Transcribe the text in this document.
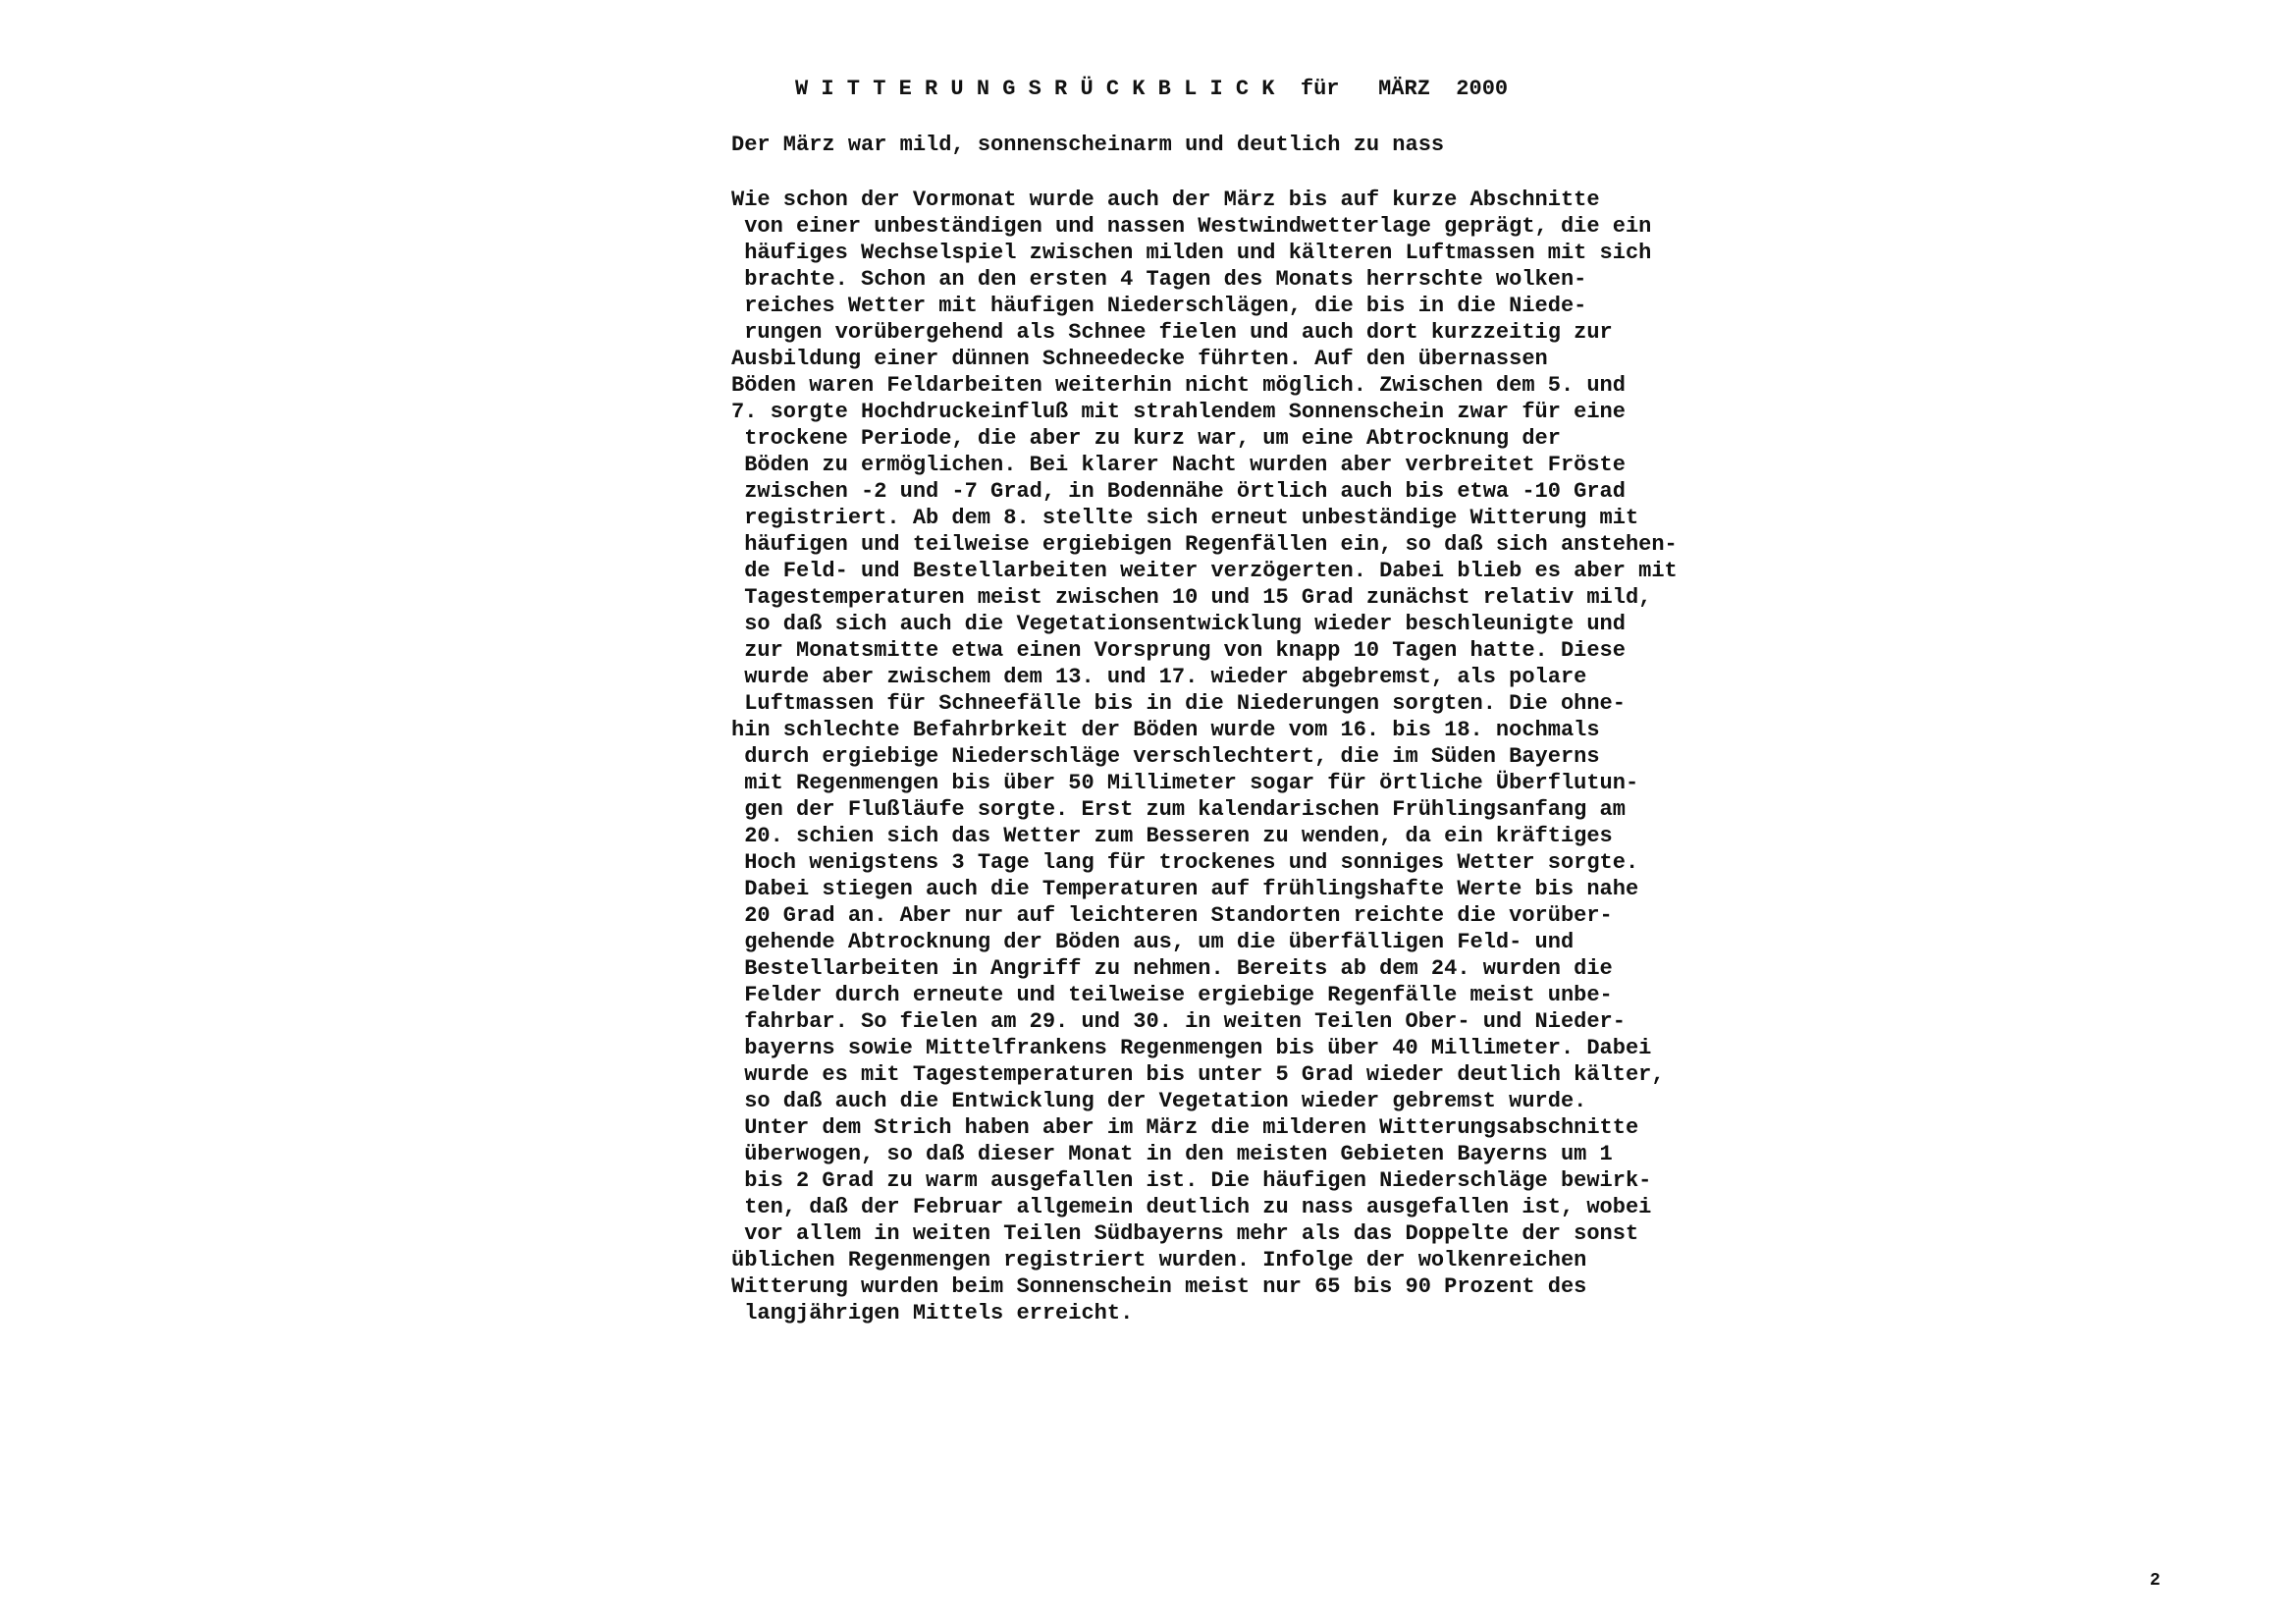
W I T T E R U N G S R Ü C K B L I C K  für   MÄRZ  2000
Der März war mild, sonnenscheinarm und deutlich zu nass
Wie schon der Vormonat wurde auch der März bis auf kurze Abschnitte
von einer unbeständigen und nassen Westwindwetterlage geprägt, die ein
häufiges Wechselspiel zwischen milden und kälteren Luftmassen mit sich
brachte. Schon an den ersten 4 Tagen des Monats herrschte wolken-
reiches Wetter mit häufigen Niederschlägen, die bis in die Niede-
rungen vorübergehend als Schnee fielen und auch dort kurzzeitig zur
Ausbildung einer dünnen Schneedecke führten. Auf den übernassen
Böden waren Feldarbeiten weiterhin nicht möglich. Zwischen dem 5. und
7. sorgte Hochdruckeinfluß mit strahlendem Sonnenschein zwar für eine
trockene Periode, die aber zu kurz war, um eine Abtrocknung der
Böden zu ermöglichen. Bei klarer Nacht wurden aber verbreitet Fröste
zwischen -2 und -7 Grad, in Bodennähe örtlich auch bis etwa -10 Grad
registriert. Ab dem 8. stellte sich erneut unbeständige Witterung mit
häufigen und teilweise ergiebigen Regenfällen ein, so daß sich anstehen-
de Feld- und Bestellarbeiten weiter verzögerten. Dabei blieb es aber mit
Tagestemperaturen meist zwischen 10 und 15 Grad zunächst relativ mild,
so daß sich auch die Vegetationsentwicklung wieder beschleunigte und
zur Monatsmitte etwa einen Vorsprung von knapp 10 Tagen hatte. Diese
wurde aber zwischem dem 13. und 17. wieder abgebremst, als polare
Luftmassen für Schneefälle bis in die Niederungen sorgten. Die ohne-
hin schlechte Befahrbrkeit der Böden wurde vom 16. bis 18. nochmals
durch ergiebige Niederschläge verschlechtert, die im Süden Bayerns
mit Regenmengen bis über 50 Millimeter sogar für örtliche Überflutun-
gen der Flußläufe sorgte. Erst zum kalendarischen Frühlingsanfang am
20. schien sich das Wetter zum Besseren zu wenden, da ein kräftiges
Hoch wenigstens 3 Tage lang für trockenes und sonniges Wetter sorgte.
Dabei stiegen auch die Temperaturen auf frühlingshafte Werte bis nahe
20 Grad an. Aber nur auf leichteren Standorten reichte die vorüber-
gehende Abtrocknung der Böden aus, um die überfälligen Feld- und
Bestellarbeiten in Angriff zu nehmen. Bereits ab dem 24. wurden die
Felder durch erneute und teilweise ergiebige Regenfälle meist unbe-
fahrbar. So fielen am 29. und 30. in weiten Teilen Ober- und Nieder-
bayerns sowie Mittelfrankens Regenmengen bis über 40 Millimeter. Dabei
wurde es mit Tagestemperaturen bis unter 5 Grad wieder deutlich kälter,
so daß auch die Entwicklung der Vegetation wieder gebremst wurde.
Unter dem Strich haben aber im März die milderen Witterungsabschnitte
überwogen, so daß dieser Monat in den meisten Gebieten Bayerns um 1
bis 2 Grad zu warm ausgefallen ist. Die häufigen Niederschläge bewirk-
ten, daß der Februar allgemein deutlich zu nass ausgefallen ist, wobei
vor allem in weiten Teilen Südbayerns mehr als das Doppelte der sonst
üblichen Regenmengen registriert wurden. Infolge der wolkenreichen
Witterung wurden beim Sonnenschein meist nur 65 bis 90 Prozent des
langjährigen Mittels erreicht.
2
